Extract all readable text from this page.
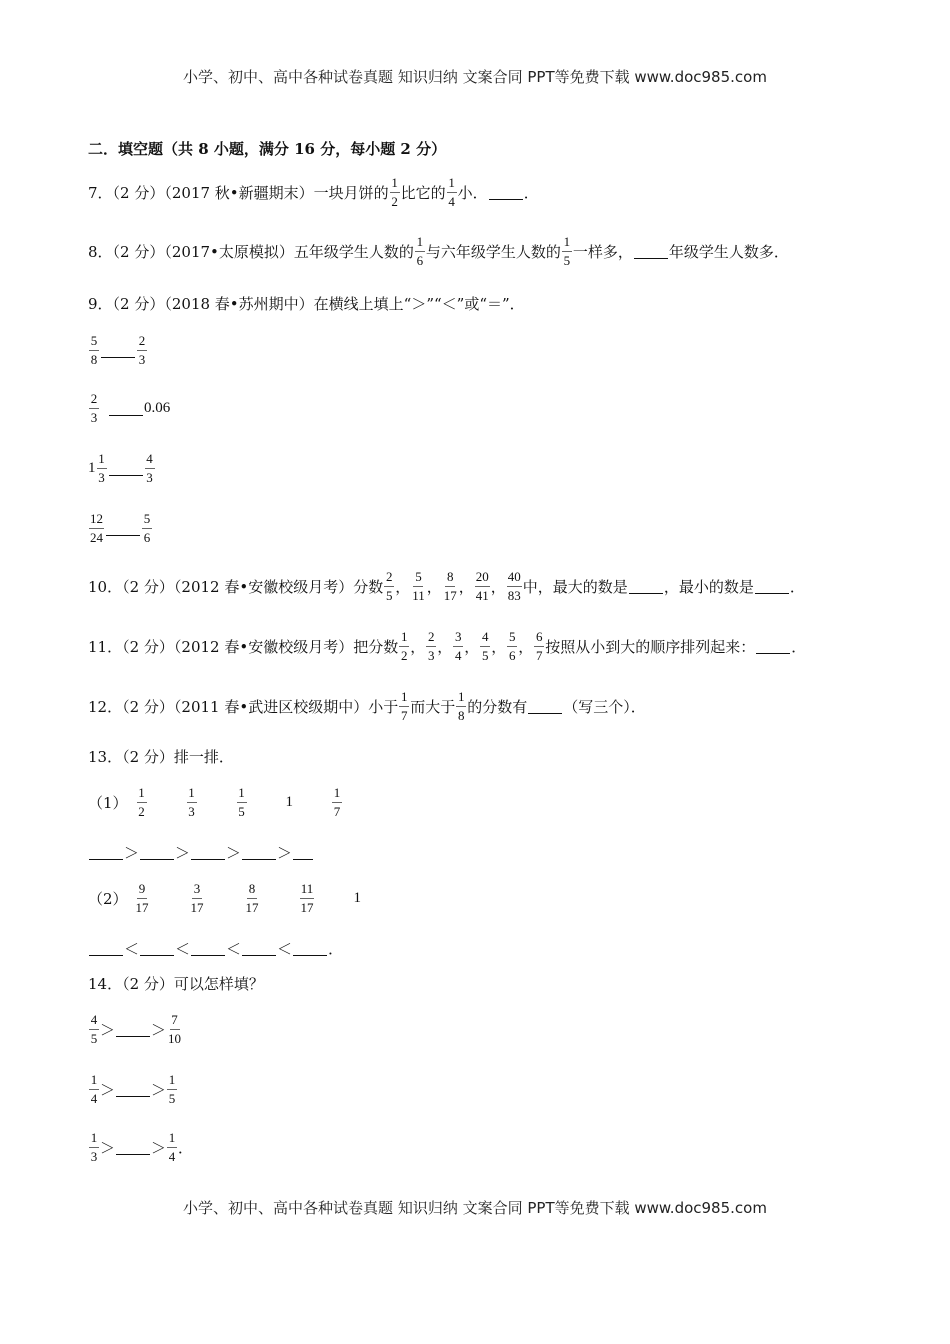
小学、初中、高中各种试卷真题 知识归纳 文案合同 PPT等免费下载 www.doc985.com
二．填空题（共 8 小题，满分 16 分，每小题 2 分）
7．（2 分）（2017 秋•新疆期末）一块月饼的 $\frac{1}{2}$ 比它的 $\frac{1}{4}$ 小． ．
8．（2 分）（2017•太原模拟）五年级学生人数的 $\frac{1}{6}$ 与六年级学生人数的 $\frac{1}{5}$ 一样多， 年级学生人数多．
9．（2 分）（2018 春•苏州期中）在横线上填上“＞”“＜”或“＝”．
$\frac{5}{8}$	$\frac{2}{3}$
$\frac{2}{3}$	0.06
$1 \frac{1}{3}$	$\frac{4}{3}$
$\frac{12}{24}$	$\frac{5}{6}$
10．（2 分）（2012 春•安徽校级月考）分数 $\frac{2}{5}$ ， $\frac{5}{11}$ ， $\frac{8}{17}$ ， $\frac{20}{41}$ ， $\frac{40}{83}$ 中，最大的数是 ，最小的数是 ．
11．（2 分）（2012 春•安徽校级月考）把分数 $\frac{1}{2}$ ， $\frac{2}{3}$ ， $\frac{3}{4}$ ， $\frac{4}{5}$ ， $\frac{5}{6}$ ， $\frac{6}{7}$ 按照从小到大的顺序排列起来： ．
12．（2 分）（2011 春•武进区校级期中）小于 $\frac{1}{7}$ 而大于 $\frac{1}{8}$ 的分数有 （写三个）．
13．（2 分）排一排．
$(1) \frac{1}{2}$	$\frac{1}{3}$	$\frac{1}{5}$	1	$\frac{1}{7}$
＞ ＞ ＞ ＞
$(2) \frac{9}{17}$	$\frac{3}{17}$	$\frac{8}{17}$	$\frac{11}{17}$	1
＜ ＜ ＜ ＜ ．
14．（2 分）可以怎样填？
$\frac{4}{5}$ ＞ ＞ $\frac{7}{10}$
$\frac{1}{4}$ ＞ ＞ $\frac{1}{5}$
$\frac{1}{3}$ ＞ ＞ $\frac{1}{4}$ ．
小学、初中、高中各种试卷真题 知识归纳 文案合同 PPT等免费下载 www.doc985.com
